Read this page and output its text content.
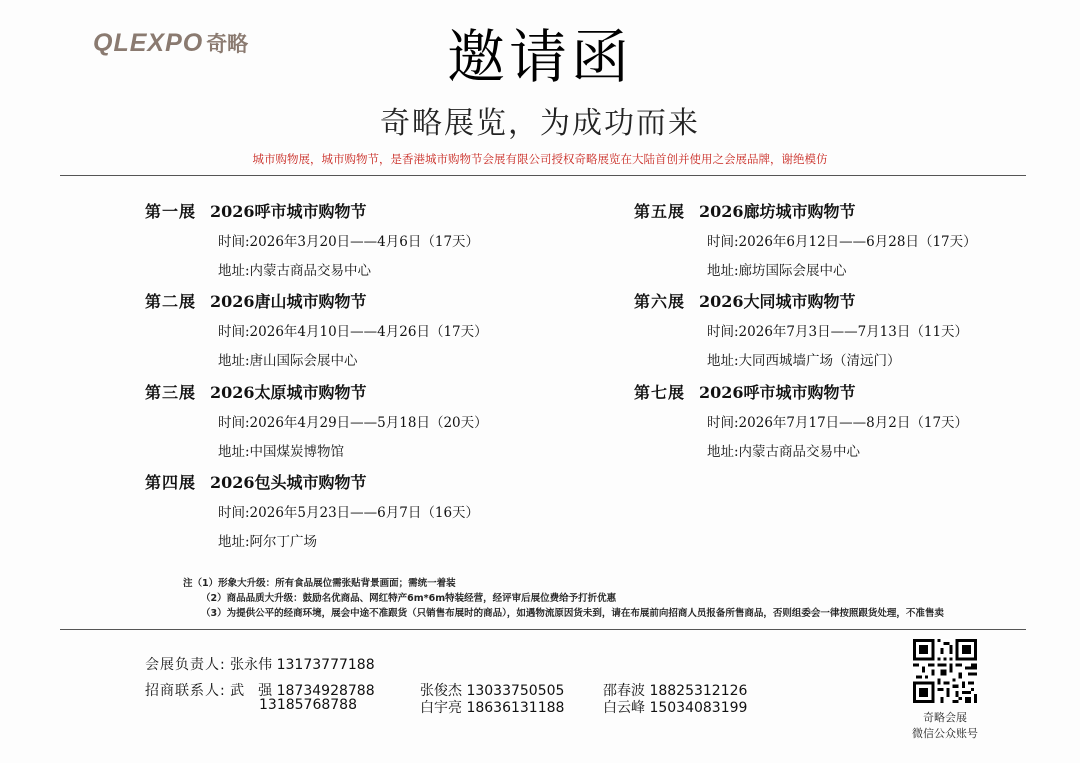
QLEXPO 奇略	邀请函
奇略展览，为成功而来
城市购物展，城市购物节，是香港城市购物节会展有限公司授权奇略展览在大陆首创并使用之会展品牌，谢绝模仿
第一展 2026呼市城市购物节
时间:2026年3月20日——4月6日（17天）
地址:内蒙古商品交易中心
第二展 2026唐山城市购物节
时间:2026年4月10日——4月26日（17天）
地址:唐山国际会展中心
第三展 2026太原城市购物节
时间:2026年4月29日——5月18日（20天）
地址:中国煤炭博物馆
第四展 2026包头城市购物节
时间:2026年5月23日——6月7日（16天）
地址:阿尔丁广场
第五展 2026廊坊城市购物节
时间:2026年6月12日——6月28日（17天）
地址:廊坊国际会展中心
第六展 2026大同城市购物节
时间:2026年7月3日——7月13日（11天）
地址:大同西城墙广场（清远门）
第七展 2026呼市城市购物节
时间:2026年7月17日——8月2日（17天）
地址:内蒙古商品交易中心
注（1）形象大升级：所有食品展位需张贴背景画面；需统一着装
（2）商品品质大升级：鼓励名优商品、网红特产6m*6m特装经营，经评审后展位费给予打折优惠
（3）为提供公平的经商环境，展会中途不准跟货（只销售布展时的商品），如遇物流原因货未到，请在布展前向招商人员报备所售商品，否则组委会一律按照跟货处理，不准售卖
会展负责人: 张永伟 13173777188
招商联系人: 武　强 18734928788
13185768788
张俊杰 13033750505
白宇亮 18636131188
邵春波 18825312126
白云峰 15034083199
奇略会展
微信公众账号
